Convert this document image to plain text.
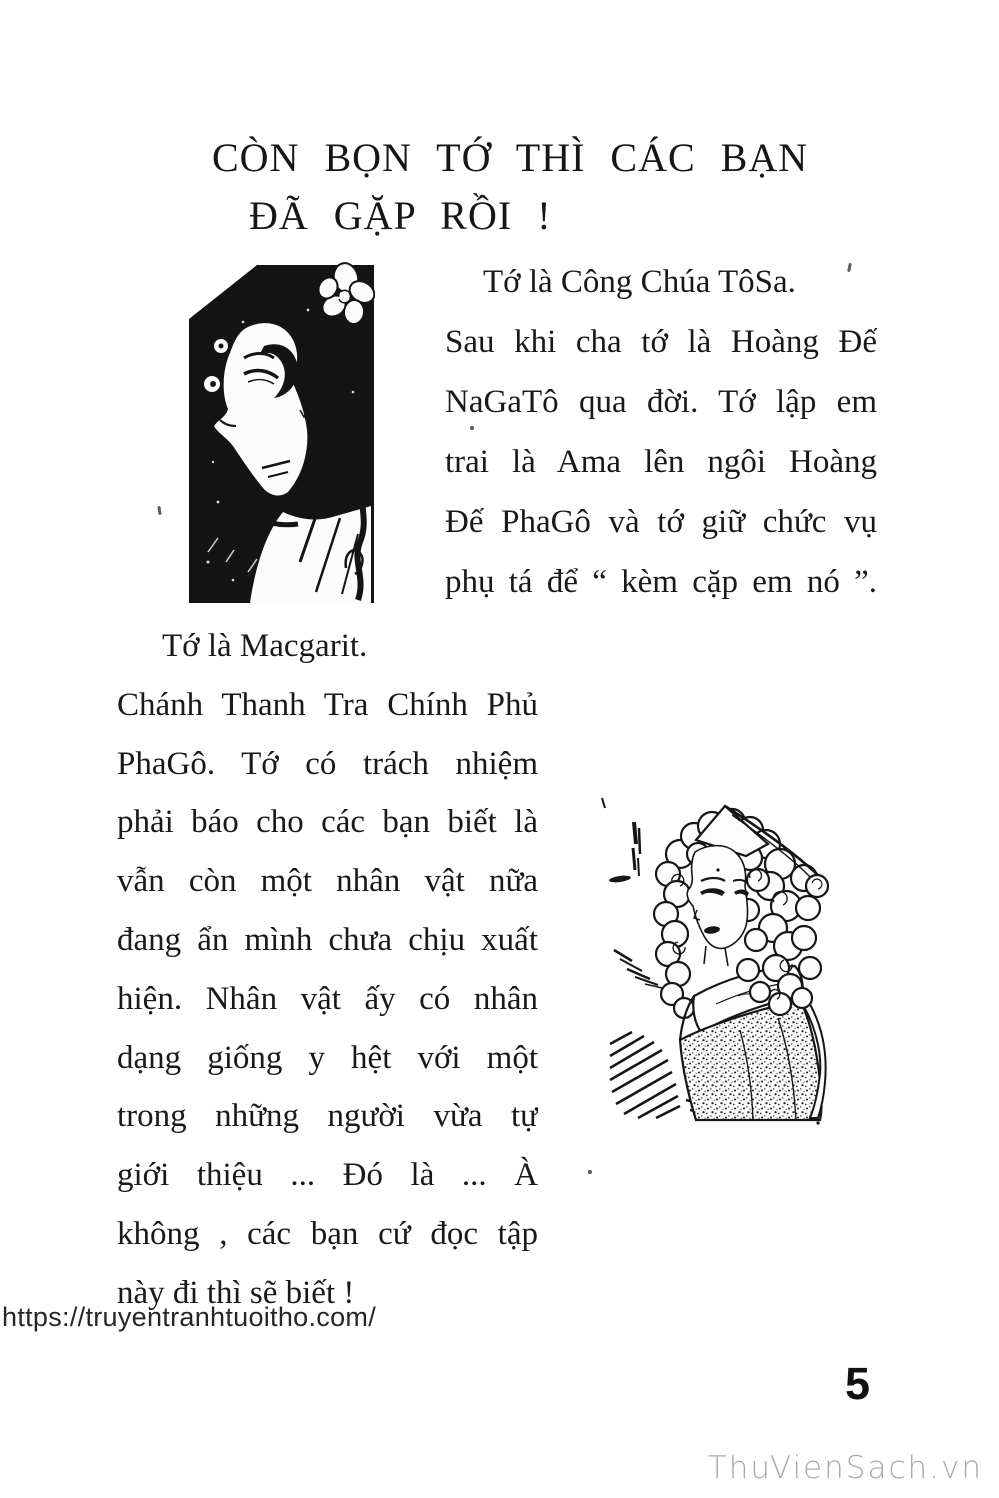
CÒN BỌN TỚ THÌ CÁC BẠN
ĐÃ GẶP RỒI !
Tớ là Công Chúa TôSa.
Sau khi cha tớ là Hoàng Đế
NaGaTô qua đời. Tớ lập em
trai là Ama lên ngôi Hoàng
Đế PhaGô và tớ giữ chức vụ
phụ tá để “ kèm cặp em nó ”.
Tớ là Macgarit.
Chánh Thanh Tra Chính Phủ
PhaGô. Tớ có trách nhiệm
phải báo cho các bạn biết là
vẫn còn một nhân vật nữa
đang ẩn mình chưa chịu xuất
hiện. Nhân vật ấy có nhân
dạng giống y hệt với một
trong những người vừa tự
giới thiệu ... Đó là ... À
không , các bạn cứ đọc tập
này đi thì sẽ biết !
https://truyentranhtuoitho.com/
5
ThuVienSach.vn
